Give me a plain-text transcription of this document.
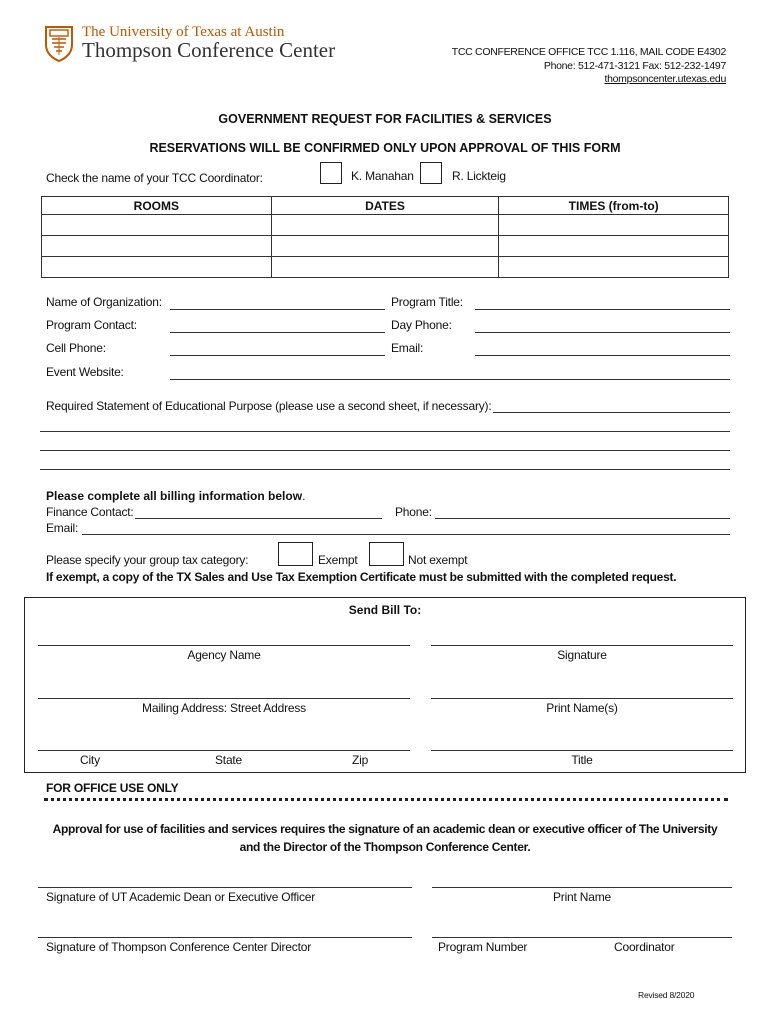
The University of Texas at Austin
Thompson Conference Center	TCC CONFERENCE OFFICE TCC 1.116, MAIL CODE E4302
Phone: 512-471-3121 Fax: 512-232-1497
thompsoncenter.utexas.edu
GOVERNMENT REQUEST FOR FACILITIES & SERVICES
RESERVATIONS WILL BE CONFIRMED ONLY UPON APPROVAL OF THIS FORM
Check the name of your TCC Coordinator:	K. Manahan	R. Lickteig
ROOMS	DATES	TIMES (from-to)

Name of Organization:	Program Title:
Program Contact:	Day Phone:
Cell Phone:	Email:
Event Website:
Required Statement of Educational Purpose (please use a second sheet, if necessary):
Please complete all billing information below.
Finance Contact:	Phone:
Email:
Please specify your group tax category:	Exempt	Not exempt
If exempt, a copy of the TX Sales and Use Tax Exemption Certificate must be submitted with the completed request.
Send Bill To:
Agency Name	Signature
Mailing Address: Street Address	Print Name(s)
City	State	Zip	Title
FOR OFFICE USE ONLY
Approval for use of facilities and services requires the signature of an academic dean or executive officer of The University
and the Director of the Thompson Conference Center.
Signature of UT Academic Dean or Executive Officer	Print Name
Signature of Thompson Conference Center Director	Program Number	Coordinator
Revised 8/2020
